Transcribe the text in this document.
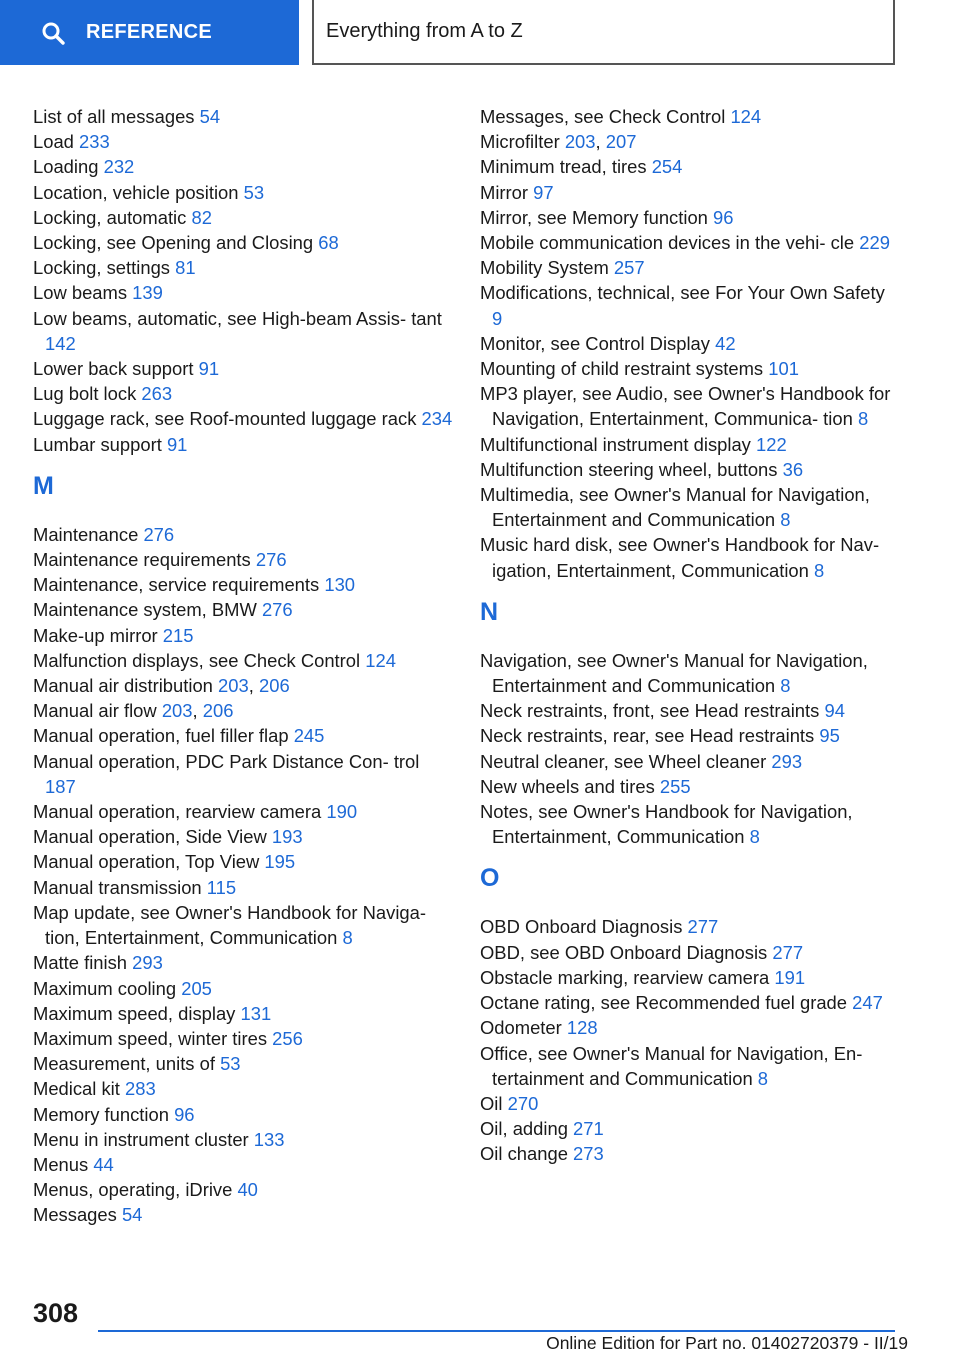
REFERENCE	Everything from A to Z
List of all messages 54
Load 233
Loading 232
Location, vehicle position 53
Locking, automatic 82
Locking, see Opening and Closing 68
Locking, settings 81
Low beams 139
Low beams, automatic, see High-beam Assis- tant 142
Lower back support 91
Lug bolt lock 263
Luggage rack, see Roof-mounted luggage rack 234
Lumbar support 91
M
Maintenance 276
Maintenance requirements 276
Maintenance, service requirements 130
Maintenance system, BMW 276
Make-up mirror 215
Malfunction displays, see Check Control 124
Manual air distribution 203, 206
Manual air flow 203, 206
Manual operation, fuel filler flap 245
Manual operation, PDC Park Distance Con- trol 187
Manual operation, rearview camera 190
Manual operation, Side View 193
Manual operation, Top View 195
Manual transmission 115
Map update, see Owner's Handbook for Naviga- tion, Entertainment, Communication 8
Matte finish 293
Maximum cooling 205
Maximum speed, display 131
Maximum speed, winter tires 256
Measurement, units of 53
Medical kit 283
Memory function 96
Menu in instrument cluster 133
Menus 44
Menus, operating, iDrive 40
Messages 54
Messages, see Check Control 124
Microfilter 203, 207
Minimum tread, tires 254
Mirror 97
Mirror, see Memory function 96
Mobile communication devices in the vehi- cle 229
Mobility System 257
Modifications, technical, see For Your Own Safety 9
Monitor, see Control Display 42
Mounting of child restraint systems 101
MP3 player, see Audio, see Owner's Handbook for Navigation, Entertainment, Communica- tion 8
Multifunctional instrument display 122
Multifunction steering wheel, buttons 36
Multimedia, see Owner's Manual for Navigation, Entertainment and Communication 8
Music hard disk, see Owner's Handbook for Nav- igation, Entertainment, Communication 8
N
Navigation, see Owner's Manual for Navigation, Entertainment and Communication 8
Neck restraints, front, see Head restraints 94
Neck restraints, rear, see Head restraints 95
Neutral cleaner, see Wheel cleaner 293
New wheels and tires 255
Notes, see Owner's Handbook for Navigation, Entertainment, Communication 8
O
OBD Onboard Diagnosis 277
OBD, see OBD Onboard Diagnosis 277
Obstacle marking, rearview camera 191
Octane rating, see Recommended fuel grade 247
Odometer 128
Office, see Owner's Manual for Navigation, En- tertainment and Communication 8
Oil 270
Oil, adding 271
Oil change 273
308
Online Edition for Part no. 01402720379 - II/19
